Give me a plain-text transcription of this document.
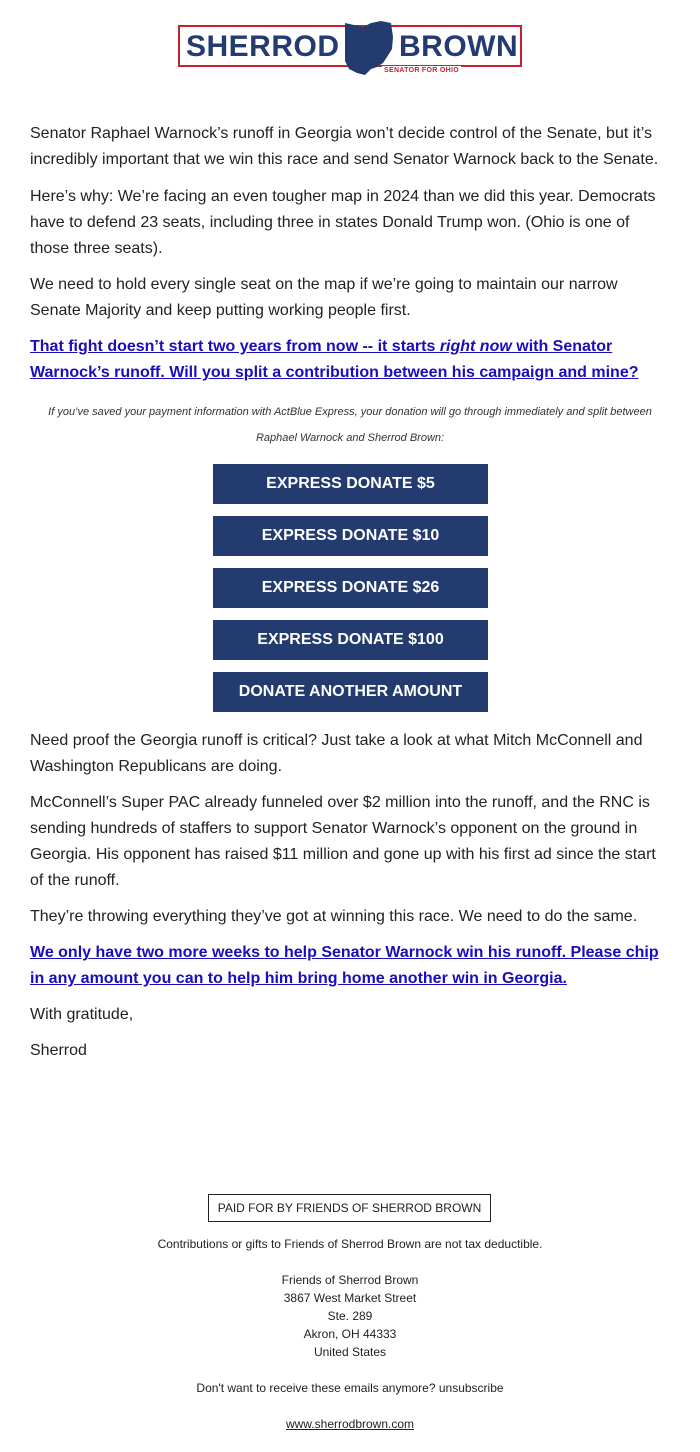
SHERROD BROWN
SENATOR FOR OHIO

Senator Raphael Warnock’s runoff in Georgia won’t decide control of the Senate, but it’s incredibly important that we win this race and send Senator Warnock back to the Senate.

Here’s why: We’re facing an even tougher map in 2024 than we did this year. Democrats have to defend 23 seats, including three in states Donald Trump won. (Ohio is one of those three seats).

We need to hold every single seat on the map if we’re going to maintain our narrow Senate Majority and keep putting working people first.

That fight doesn’t start two years from now -- it starts right now with Senator Warnock’s runoff. Will you split a contribution between his campaign and mine?
If you’ve saved your payment information with ActBlue Express, your donation will go through immediately and split between Raphael Warnock and Sherrod Brown:
EXPRESS DONATE $5
EXPRESS DONATE $10
EXPRESS DONATE $26
EXPRESS DONATE $100
DONATE ANOTHER AMOUNT

Need proof the Georgia runoff is critical? Just take a look at what Mitch McConnell and Washington Republicans are doing.

McConnell’s Super PAC already funneled over $2 million into the runoff, and the RNC is sending hundreds of staffers to support Senator Warnock’s opponent on the ground in Georgia. His opponent has raised $11 million and gone up with his first ad since the start of the runoff.

They’re throwing everything they’ve got at winning this race. We need to do the same.

We only have two more weeks to help Senator Warnock win his runoff. Please chip in any amount you can to help him bring home another win in Georgia.

With gratitude,

Sherrod

PAID FOR BY FRIENDS OF SHERROD BROWN
Contributions or gifts to Friends of Sherrod Brown are not tax deductible.
Friends of Sherrod Brown
3867 West Market Street
Ste. 289
Akron, OH 44333
United States
Don't want to receive these emails anymore? unsubscribe
www.sherrodbrown.com
